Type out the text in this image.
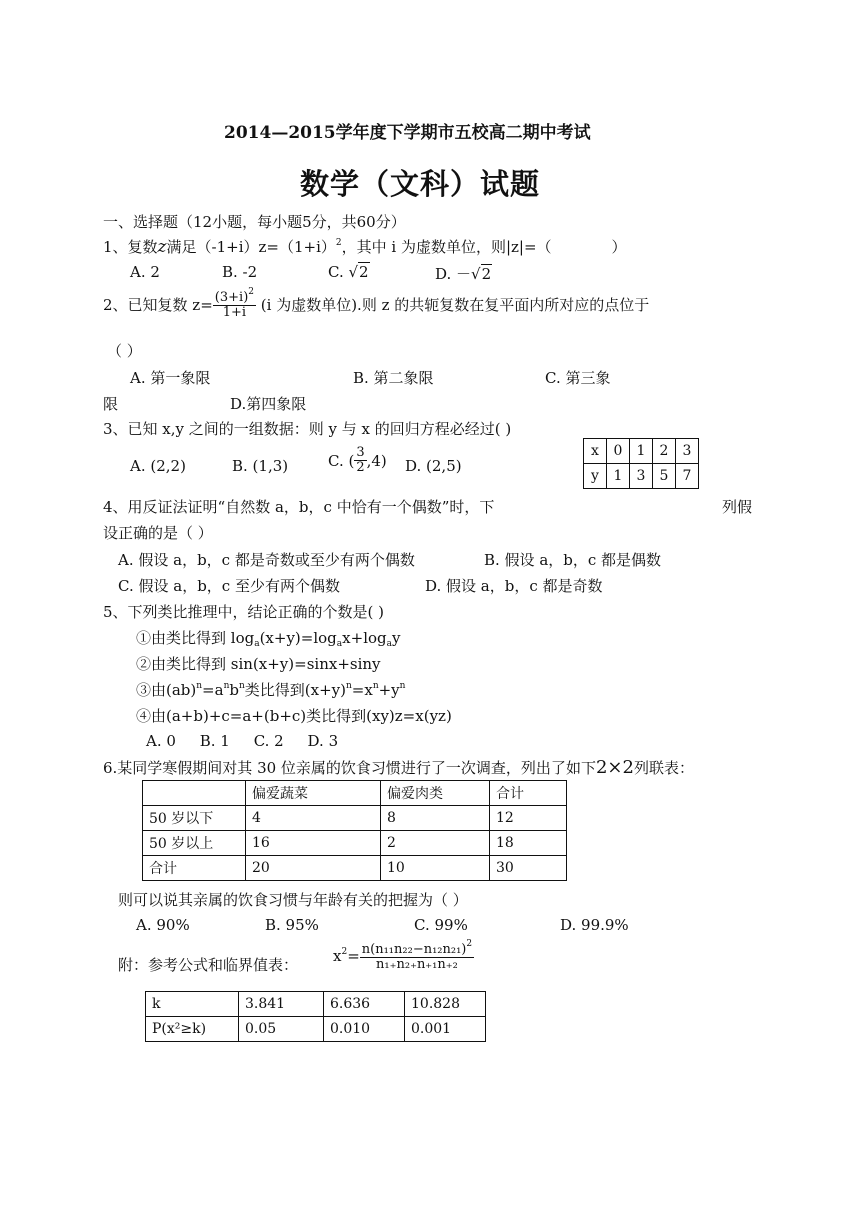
2014—2015学年度下学期市五校高二期中考试
数学（文科）试题
一、选择题（12小题，每小题5分，共60分）
1、复数z满足$(-1+i)z=(1+i)^2$，其中 i 为虚数单位，则|z|=（	）
A. 2	B. -2	C. √2	D. －√2
2、已知复数 $z= \frac{(3+i)^2}{1+i} (i$ 为虚数单位).则 z 的共轭复数在复平面内所对应的点位于
（ ）
A. 第一象限	B. 第二象限	C. 第三象
限	D.第四象限
3、已知 x,y 之间的一组数据：则 y 与 x 的回归方程必经过( )
A. (2,2)	B. (1,3)	C. ( $\frac{3}{2} ,4$) D. (2,5)
x	0	1	2	3
y	1	3	5	7
4、用反证法证明“自然数 a，b，c 中恰有一个偶数”时，下	列假
设正确的是（ ）
A. 假设 a，b，c 都是奇数或至少有两个偶数	B. 假设 a，b，c 都是偶数
C. 假设 a，b，c 至少有两个偶数	D. 假设 a，b，c 都是奇数
5、下列类比推理中，结论正确的个数是( )
①由类比得到 $\log_a(x+y)=\log_ax+\log_ay$
②由类比得到 sin(x+y)=sinx+siny
③由$(ab)^n=a^nb^n$类比得到$(x+y)^n=x^n+y^n$
④由(a+b)+c=a+(b+c)类比得到(xy)z=x(yz)
A. 0     B. 1     C. 2     D. 3
6.某同学寒假期间对其 30 位亲属的饮食习惯进行了一次调查，列出了如下2×2列联表：
	偏爱蔬菜	偏爱肉类	合计
50 岁以下	4	8	12
50 岁以上	16	2	18
合计	20	10	30
则可以说其亲属的饮食习惯与年龄有关的把握为（ ）
A. 90%	B. 95%	C. 99%	D. 99.9%
附：参考公式和临界值表： $x^2= \frac{n(n_{11}n_{22}-n_{12}n_{21})^2}{\text{n₁₊n₂₊n₊₁n₊₂}}$
k	3.841	6.636	10.828
P(x²≥k)	0.05	0.010	0.001
